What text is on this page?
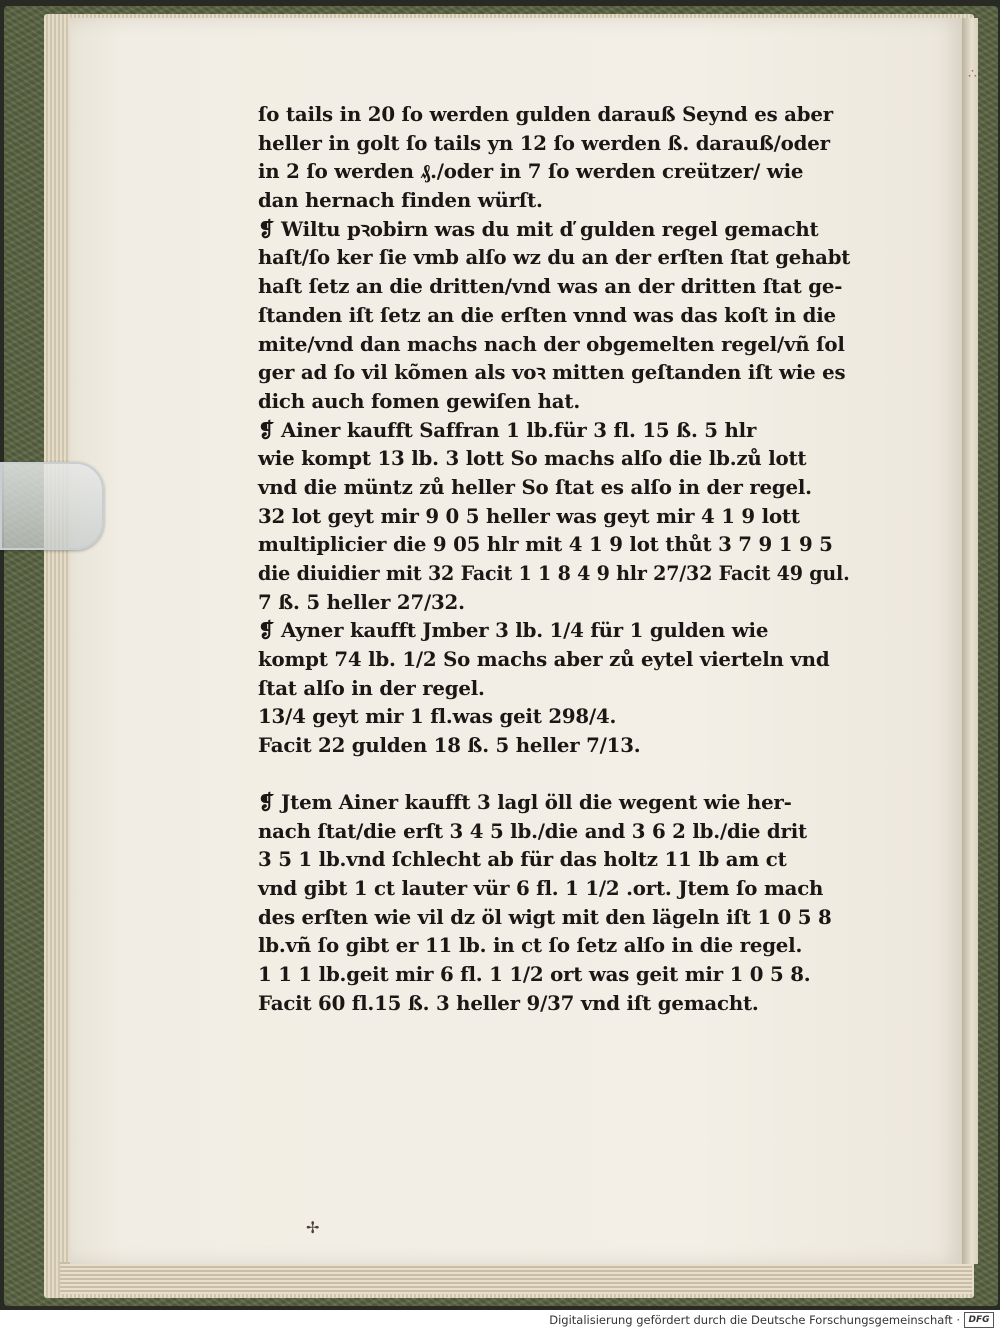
∴
✢
ſo tails in 20 ſo werden gulden darauß Seynd es aber
heller in golt ſo tails yn 12 ſo werden ß. darauß/oder
in 2 ſo werden ₰./oder in 7 ſo werden creützer/ wie
dan hernach finden würſt.
❡ Wiltu pꝛobirn was du mit ď gulden regel gemacht
haſt/ſo ker ſie vmb alſo wz du an der erſten ſtat gehabt
haſt ſetz an die dritten/vnd was an der dritten ſtat ge-
ſtanden iſt ſetz an die erſten vnnd was das koſt in die
mite/vnd dan machs nach der obgemelten regel/vñ ſol
ger ad ſo vil kõmen als voꝛ mitten geſtanden iſt wie es
dich auch fomen gewiſen hat.
❡ Ainer kaufft Saffran 1 lb.für 3 fl. 15 ß. 5 hlr
wie kompt 13 lb. 3 lott So machs alſo die lb.zů lott
vnd die müntz zů heller So ſtat es alſo in der regel.
32 lot geyt mir 9 0 5 heller was geyt mir 4 1 9 lott
multiplicier die 9 05 hlr mit 4 1 9 lot thůt 3 7 9 1 9 5
die diuidier mit 32 Facit 1 1 8 4 9 hlr 27/32 Facit 49 gul.
7 ß. 5 heller 27/32.
❡ Ayner kaufft Jmber 3 lb. 1/4 für 1 gulden wie
kompt 74 lb. 1/2 So machs aber zů eytel vierteln vnd
ſtat alſo in der regel.
13/4 geyt mir 1 fl.was geit 298/4.
Facit 22 gulden 18 ß. 5 heller 7/13.
❡ Jtem Ainer kaufft 3 lagl öll die wegent wie her-
nach ſtat/die erſt 3 4 5 lb./die and 3 6 2 lb./die drit
3 5 1 lb.vnd ſchlecht ab für das holtz 11 lb am ct
vnd gibt 1 ct lauter vür 6 fl. 1 1/2 .ort. Jtem ſo mach
des erſten wie vil dz öl wigt mit den lägeln iſt 1 0 5 8
lb.vñ ſo gibt er 11 lb. in ct ſo ſetz alſo in die regel.
1 1 1 lb.geit mir 6 fl. 1 1/2 ort was geit mir 1 0 5 8.
Facit 60 fl.15 ß. 3 heller 9/37 vnd iſt gemacht.
Digitalisierung gefördert durch die Deutsche Forschungsgemeinschaft · DFG
